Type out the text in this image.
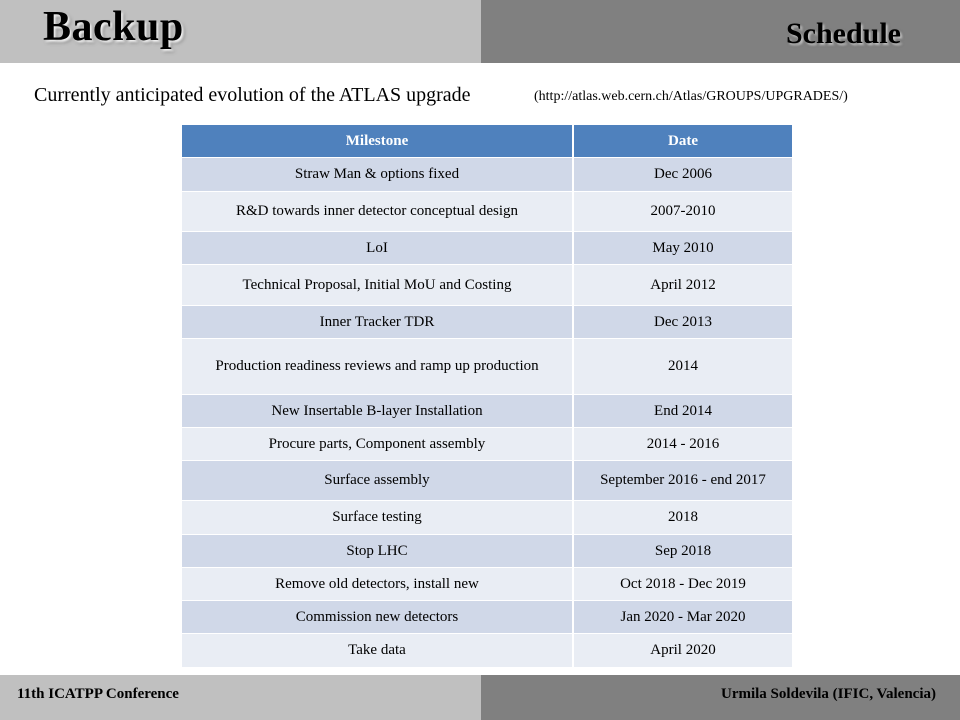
Backup	Schedule
Currently anticipated evolution of the ATLAS upgrade	(http://atlas.web.cern.ch/Atlas/GROUPS/UPGRADES/)
Milestone	Date
Straw Man & options fixed	Dec 2006
R&D towards inner detector conceptual design	2007-2010
LoI	May 2010
Technical Proposal, Initial MoU and Costing	April 2012
Inner Tracker TDR	Dec 2013
Production readiness reviews and ramp up production	2014
New Insertable B-layer Installation	End 2014
Procure parts, Component assembly	2014 - 2016
Surface assembly	September 2016 - end 2017
Surface testing	2018
Stop LHC	Sep 2018
Remove old detectors, install new	Oct 2018 - Dec 2019
Commission new detectors	Jan 2020 - Mar 2020
Take data	April 2020
11th ICATPP Conference	Urmila Soldevila (IFIC, Valencia)
